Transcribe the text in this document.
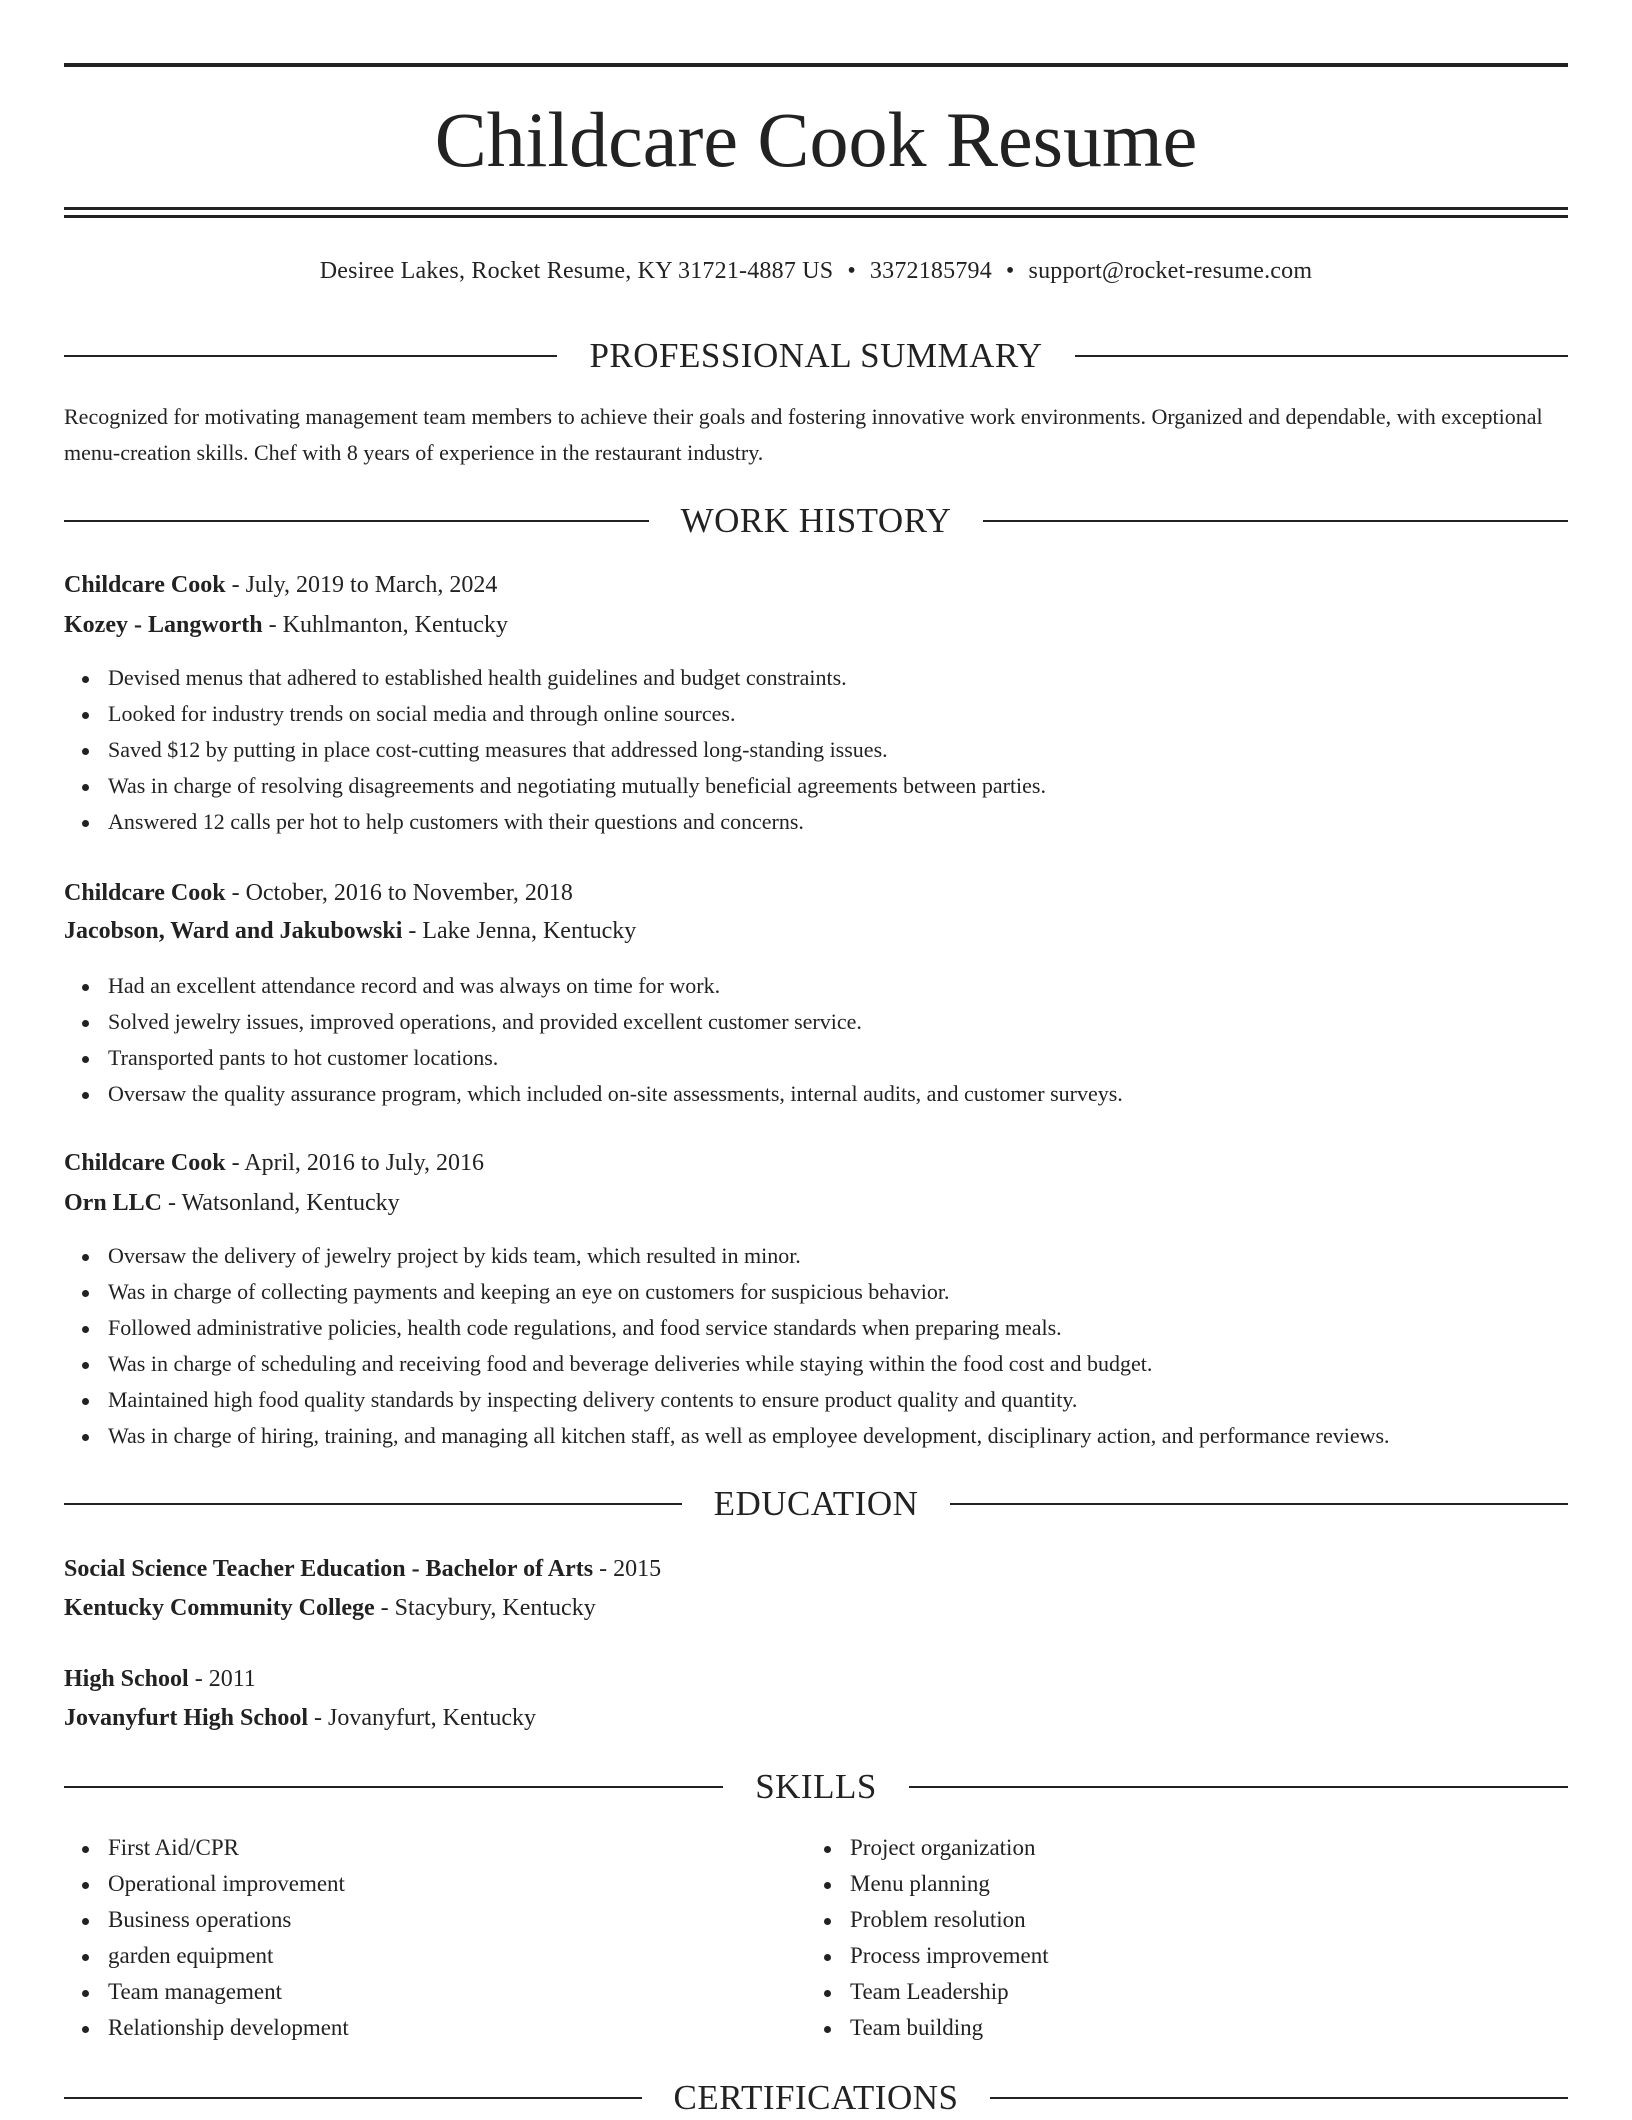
Childcare Cook Resume
Desiree Lakes, Rocket Resume, KY 31721-4887 US • 3372185794 • support@rocket-resume.com
PROFESSIONAL SUMMARY
Recognized for motivating management team members to achieve their goals and fostering innovative work environments. Organized and dependable, with exceptional menu-creation skills. Chef with 8 years of experience in the restaurant industry.
WORK HISTORY
Childcare Cook - July, 2019 to March, 2024
Kozey - Langworth - Kuhlmanton, Kentucky
Devised menus that adhered to established health guidelines and budget constraints.
Looked for industry trends on social media and through online sources.
Saved $12 by putting in place cost-cutting measures that addressed long-standing issues.
Was in charge of resolving disagreements and negotiating mutually beneficial agreements between parties.
Answered 12 calls per hot to help customers with their questions and concerns.
Childcare Cook - October, 2016 to November, 2018
Jacobson, Ward and Jakubowski - Lake Jenna, Kentucky
Had an excellent attendance record and was always on time for work.
Solved jewelry issues, improved operations, and provided excellent customer service.
Transported pants to hot customer locations.
Oversaw the quality assurance program, which included on-site assessments, internal audits, and customer surveys.
Childcare Cook - April, 2016 to July, 2016
Orn LLC - Watsonland, Kentucky
Oversaw the delivery of jewelry project by kids team, which resulted in minor.
Was in charge of collecting payments and keeping an eye on customers for suspicious behavior.
Followed administrative policies, health code regulations, and food service standards when preparing meals.
Was in charge of scheduling and receiving food and beverage deliveries while staying within the food cost and budget.
Maintained high food quality standards by inspecting delivery contents to ensure product quality and quantity.
Was in charge of hiring, training, and managing all kitchen staff, as well as employee development, disciplinary action, and performance reviews.
EDUCATION
Social Science Teacher Education - Bachelor of Arts - 2015
Kentucky Community College - Stacybury, Kentucky
High School - 2011
Jovanyfurt High School - Jovanyfurt, Kentucky
SKILLS
First Aid/CPR
Operational improvement
Business operations
garden equipment
Team management
Relationship development
Project organization
Menu planning
Problem resolution
Process improvement
Team Leadership
Team building
CERTIFICATIONS
